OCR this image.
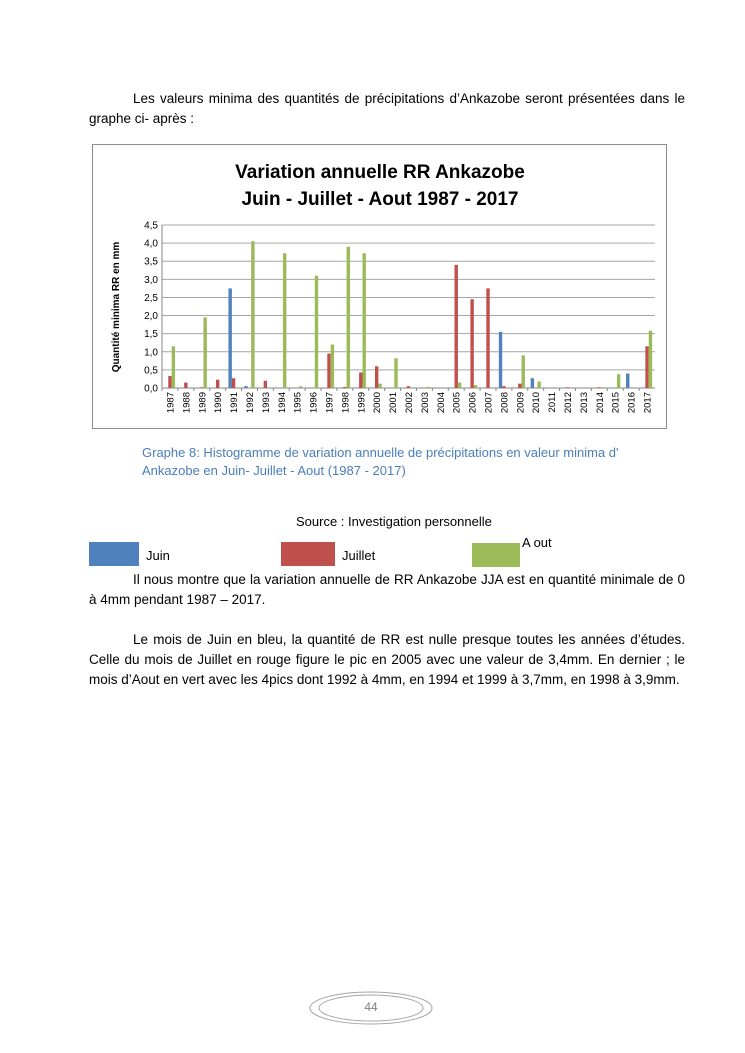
Les valeurs minima des quantités de précipitations d’Ankazobe seront présentées dans le graphe ci- après :

Variation annuelle RR Ankazobe
Juin - Juillet - Aout 1987 - 2017
Quantité minima RR en mm
0,0
0,5
1,0
1,5
2,0
2,5
3,0
3,5
4,0
4,5
1987 1988 1989 1990 1991 1992 1993 1994 1995 1996 1997 1998 1999 2000 2001 2002 2003 2004 2005 2006 2007 2008 2009 2010 2011 2012 2013 2014 2015 2016 2017

Graphe 8: Histogramme de variation annuelle de précipitations en valeur minima d' Ankazobe en Juin- Juillet - Aout (1987 - 2017)

Source : Investigation personnelle

Juin	Juillet
A out

Il nous montre que la variation annuelle de RR Ankazobe JJA est en quantité minimale de 0 à 4mm pendant 1987 – 2017.

Le mois de Juin en bleu, la quantité de RR est nulle presque toutes les années d’études. Celle du mois de Juillet en rouge figure le pic en 2005 avec une valeur de 3,4mm. En dernier ; le mois d’Aout en vert avec les 4pics dont 1992 à 4mm, en 1994 et 1999 à 3,7mm, en 1998 à 3,9mm.

44
